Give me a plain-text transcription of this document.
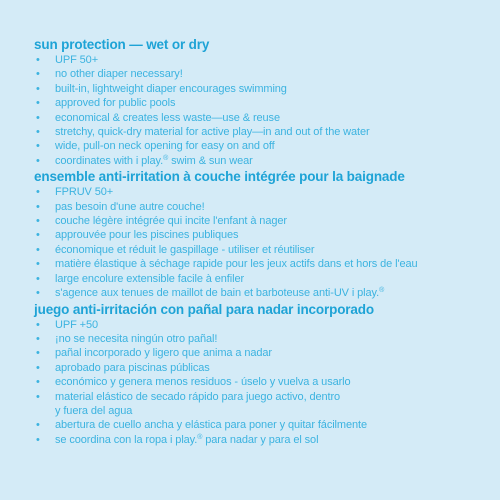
sun protection — wet or dry
• UPF 50+
• no other diaper necessary!
• built-in, lightweight diaper encourages swimming
• approved for public pools
• economical & creates less waste—use & reuse
• stretchy, quick-dry material for active play—in and out of the water
• wide, pull-on neck opening for easy on and off
• coordinates with i play.® swim & sun wear
ensemble anti-irritation à couche intégrée pour la baignade
• FPRUV 50+
• pas besoin d'une autre couche!
• couche légère intégrée qui incite l'enfant à nager
• approuvée pour les piscines publiques
• économique et réduit le gaspillage - utiliser et réutiliser
• matière élastique à séchage rapide pour les jeux actifs dans et hors de l'eau
• large encolure extensible facile à enfiler
• s'agence aux tenues de maillot de bain et barboteuse anti-UV i play.®
juego anti-irritación con pañal para nadar incorporado
• UPF +50
• ¡no se necesita ningún otro pañal!
• pañal incorporado y ligero que anima a nadar
• aprobado para piscinas públicas
• económico y genera menos residuos - úselo y vuelva a usarlo
• material elástico de secado rápido para juego activo, dentro
y fuera del agua
• abertura de cuello ancha y elástica para poner y quitar fácilmente
• se coordina con la ropa i play.® para nadar y para el sol
